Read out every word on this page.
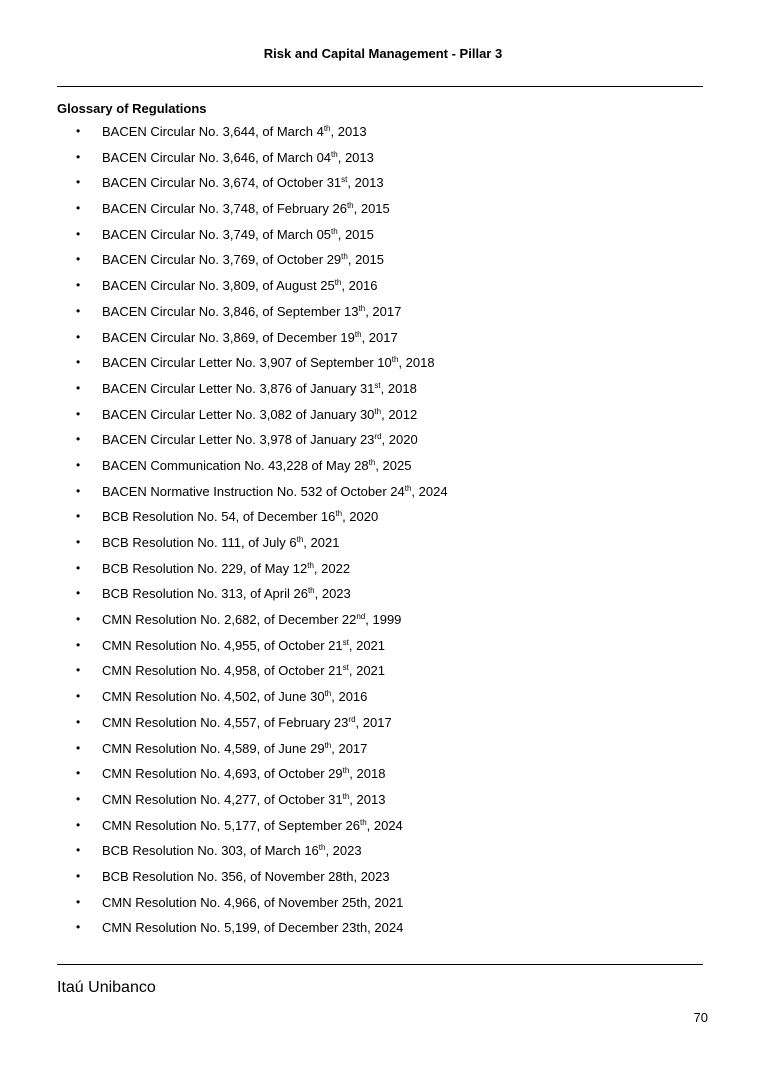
Risk and Capital Management - Pillar 3
Glossary of Regulations
• BACEN Circular No. 3,644, of March 4th, 2013
• BACEN Circular No. 3,646, of March 04th, 2013
• BACEN Circular No. 3,674, of October 31st, 2013
• BACEN Circular No. 3,748, of February 26th, 2015
• BACEN Circular No. 3,749, of March 05th, 2015
• BACEN Circular No. 3,769, of October 29th, 2015
• BACEN Circular No. 3,809, of August 25th, 2016
• BACEN Circular No. 3,846, of September 13th, 2017
• BACEN Circular No. 3,869, of December 19th, 2017
• BACEN Circular Letter No. 3,907 of September 10th, 2018
• BACEN Circular Letter No. 3,876 of January 31st, 2018
• BACEN Circular Letter No. 3,082 of January 30th, 2012
• BACEN Circular Letter No. 3,978 of January 23rd, 2020
• BACEN Communication No. 43,228 of May 28th, 2025
• BACEN Normative Instruction No. 532 of October 24th, 2024
• BCB Resolution No. 54, of December 16th, 2020
• BCB Resolution No. 111, of July 6th, 2021
• BCB Resolution No. 229, of May 12th, 2022
• BCB Resolution No. 313, of April 26th, 2023
• CMN Resolution No. 2,682, of December 22nd, 1999
• CMN Resolution No. 4,955, of October 21st, 2021
• CMN Resolution No. 4,958, of October 21st, 2021
• CMN Resolution No. 4,502, of June 30th, 2016
• CMN Resolution No. 4,557, of February 23rd, 2017
• CMN Resolution No. 4,589, of June 29th, 2017
• CMN Resolution No. 4,693, of October 29th, 2018
• CMN Resolution No. 4,277, of October 31th, 2013
• CMN Resolution No. 5,177, of September 26th, 2024
• BCB Resolution No. 303, of March 16th, 2023
• BCB Resolution No. 356, of November 28th, 2023
• CMN Resolution No. 4,966, of November 25th, 2021
• CMN Resolution No. 5,199, of December 23th, 2024
Itaú Unibanco
70
